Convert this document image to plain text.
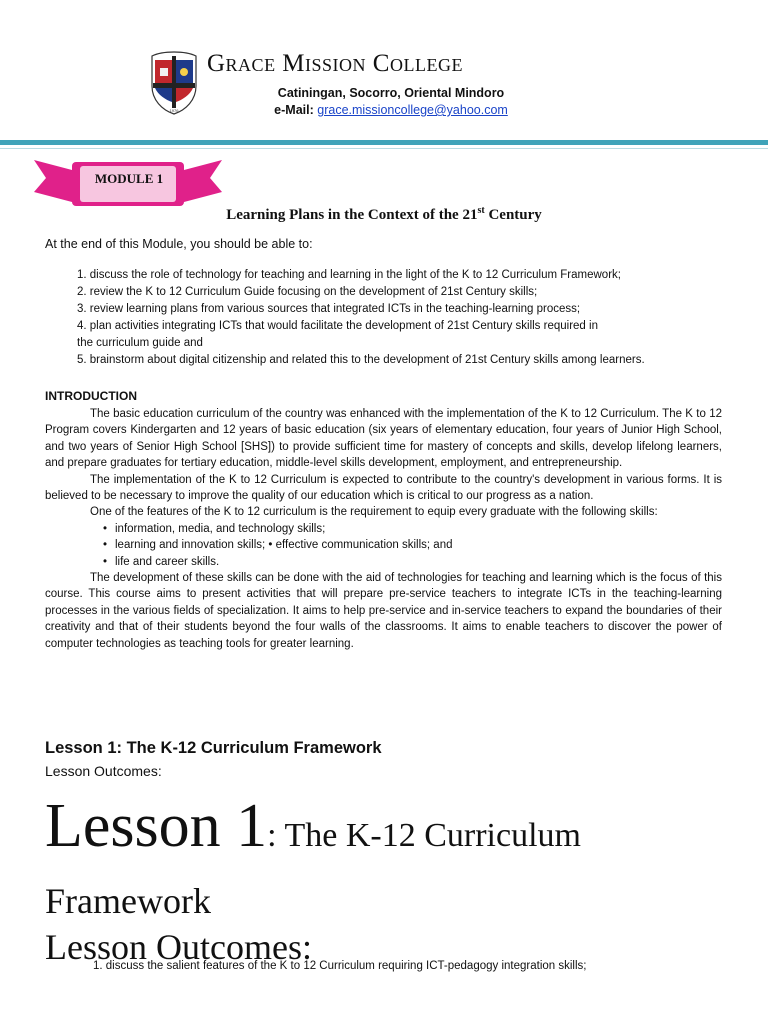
1976
Grace Mission College
Catiningan, Socorro, Oriental Mindoro
e-Mail: grace.missioncollege@yahoo.com
MODULE 1
Learning Plans in the Context of the 21st Century
At the end of this Module, you should be able to:
1. discuss the role of technology for teaching and learning in the light of the K to 12 Curriculum Framework;
2. review the K to 12 Curriculum Guide focusing on the development of 21st Century skills;
3. review learning plans from various sources that integrated ICTs in the teaching-learning process;
4. plan activities integrating ICTs that would facilitate the development of 21st Century skills required in
the curriculum guide and
5. brainstorm about digital citizenship and related this to the development of 21st Century skills among learners.
INTRODUCTION

The basic education curriculum of the country was enhanced with the implementation of the K to 12 Curriculum. The K to 12 Program covers Kindergarten and 12 years of basic education (six years of elementary education, four years of Junior High School, and two years of Senior High School [SHS]) to provide sufficient time for mastery of concepts and skills, develop lifelong learners, and prepare graduates for tertiary education, middle-level skills development, employment, and entrepreneurship.

The implementation of the K to 12 Curriculum is expected to contribute to the country's development in various forms. It is believed to be necessary to improve the quality of our education which is critical to our progress as a nation.

One of the features of the K to 12 curriculum is the requirement to equip every graduate with the following skills:

• information, media, and technology skills;
• learning and innovation skills; • effective communication skills; and
• life and career skills.

The development of these skills can be done with the aid of technologies for teaching and learning which is the focus of this course. This course aims to present activities that will prepare pre-service teachers to integrate ICTs in the teaching-learning processes in the various fields of specialization. It aims to help pre-service and in-service teachers to expand the boundaries of their creativity and that of their students beyond the four walls of the classrooms. It aims to enable teachers to discover the power of computer technologies as teaching tools for greater learning.

Lesson 1: The K-12 Curriculum Framework
Lesson Outcomes:
Lesson 1: The K-12 Curriculum
Framework
Lesson Outcomes:
1. discuss the salient features of the K to 12 Curriculum requiring ICT-pedagogy integration skills;
